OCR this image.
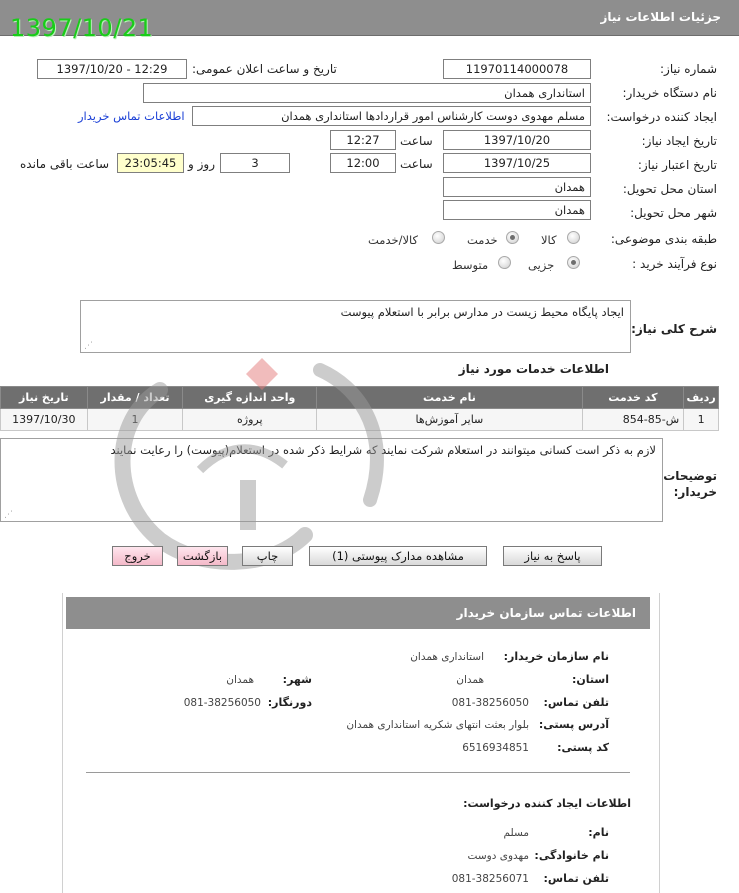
جزئیات اطلاعات نیاز
1397/10/21
شماره نیاز:
11970114000078
تاریخ و ساعت اعلان عمومی:
1397/10/20 - 12:29
نام دستگاه خریدار:
استانداری همدان
ایجاد کننده درخواست:
مسلم مهدوی دوست کارشناس امور قراردادها استانداری همدان
اطلاعات تماس خریدار
تاریخ ایجاد نیاز:
1397/10/20
ساعت
12:27
تاریخ اعتبار نیاز:
1397/10/25
ساعت
12:00
3
روز و
23:05:45
ساعت باقی مانده
استان محل تحویل:
همدان
شهر محل تحویل:
همدان
طبقه بندی موضوعی:
کالا
خدمت
کالا/خدمت
نوع فرآیند خرید :
جزیی
متوسط
شرح کلی نیاز:
ایجاد پایگاه محیط زیست در مدارس برابر با استعلام پیوست
⋰
اطلاعات خدمات مورد نیاز
ردیف	کد خدمت	نام خدمت	واحد اندازه گیری	تعداد / مقدار	تاریخ نیاز
1	ش-85-854	سایر آموزش‌ها	پروژه	1	1397/10/30
لازم به ذکر است کسانی میتوانند در استعلام شرکت نمایند که شرایط ذکر شده در استعلام(پیوست) را رعایت نمایند
⋰
توضیحات خریدار:
پاسخ به نیاز
مشاهده مدارک پیوستی (1)
چاپ
بازگشت
خروج
اطلاعات تماس سازمان خریدار
نام سازمان خریدار:
استانداری همدان
استان:
همدان
شهر:
همدان
تلفن تماس:
081-38256050
دورنگار:
081-38256050
آدرس پستی:
بلوار بعثت انتهای شکریه استانداری همدان
کد پستی:
6516934851
اطلاعات ایجاد کننده درخواست:
نام:
مسلم
نام خانوادگی:
مهدوی دوست
تلفن تماس:
081-38256071
